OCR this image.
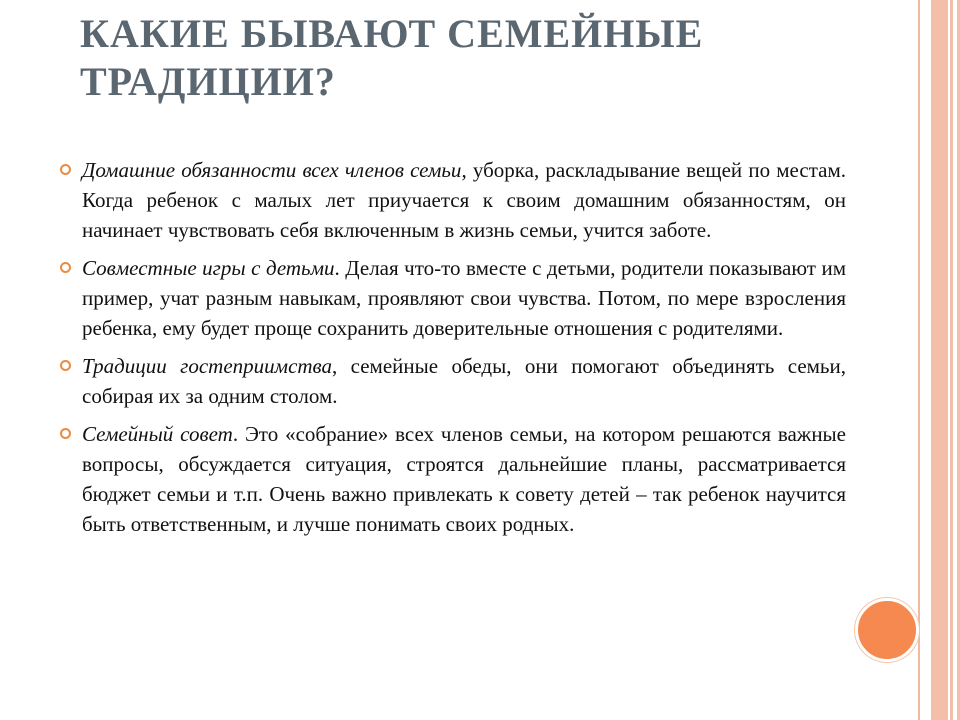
КАКИЕ БЫВАЮТ СЕМЕЙНЫЕ ТРАДИЦИИ?
Домашние обязанности всех членов семьи, уборка, раскладывание вещей по местам. Когда ребенок с малых лет приучается к своим домашним обязанностям, он начинает чувствовать себя включенным в жизнь семьи, учится заботе.
Совместные игры с детьми. Делая что-то вместе с детьми, родители показывают им пример, учат разным навыкам, проявляют свои чувства. Потом, по мере взросления ребенка, ему будет проще сохранить доверительные отношения с родителями.
Традиции гостеприимства, семейные обеды, они помогают объединять семьи, собирая их за одним столом.
Семейный совет. Это «собрание» всех членов семьи, на котором решаются важные вопросы, обсуждается ситуация, строятся дальнейшие планы, рассматривается бюджет семьи и т.п. Очень важно привлекать к совету детей – так ребенок научится быть ответственным, и лучше понимать своих родных.
